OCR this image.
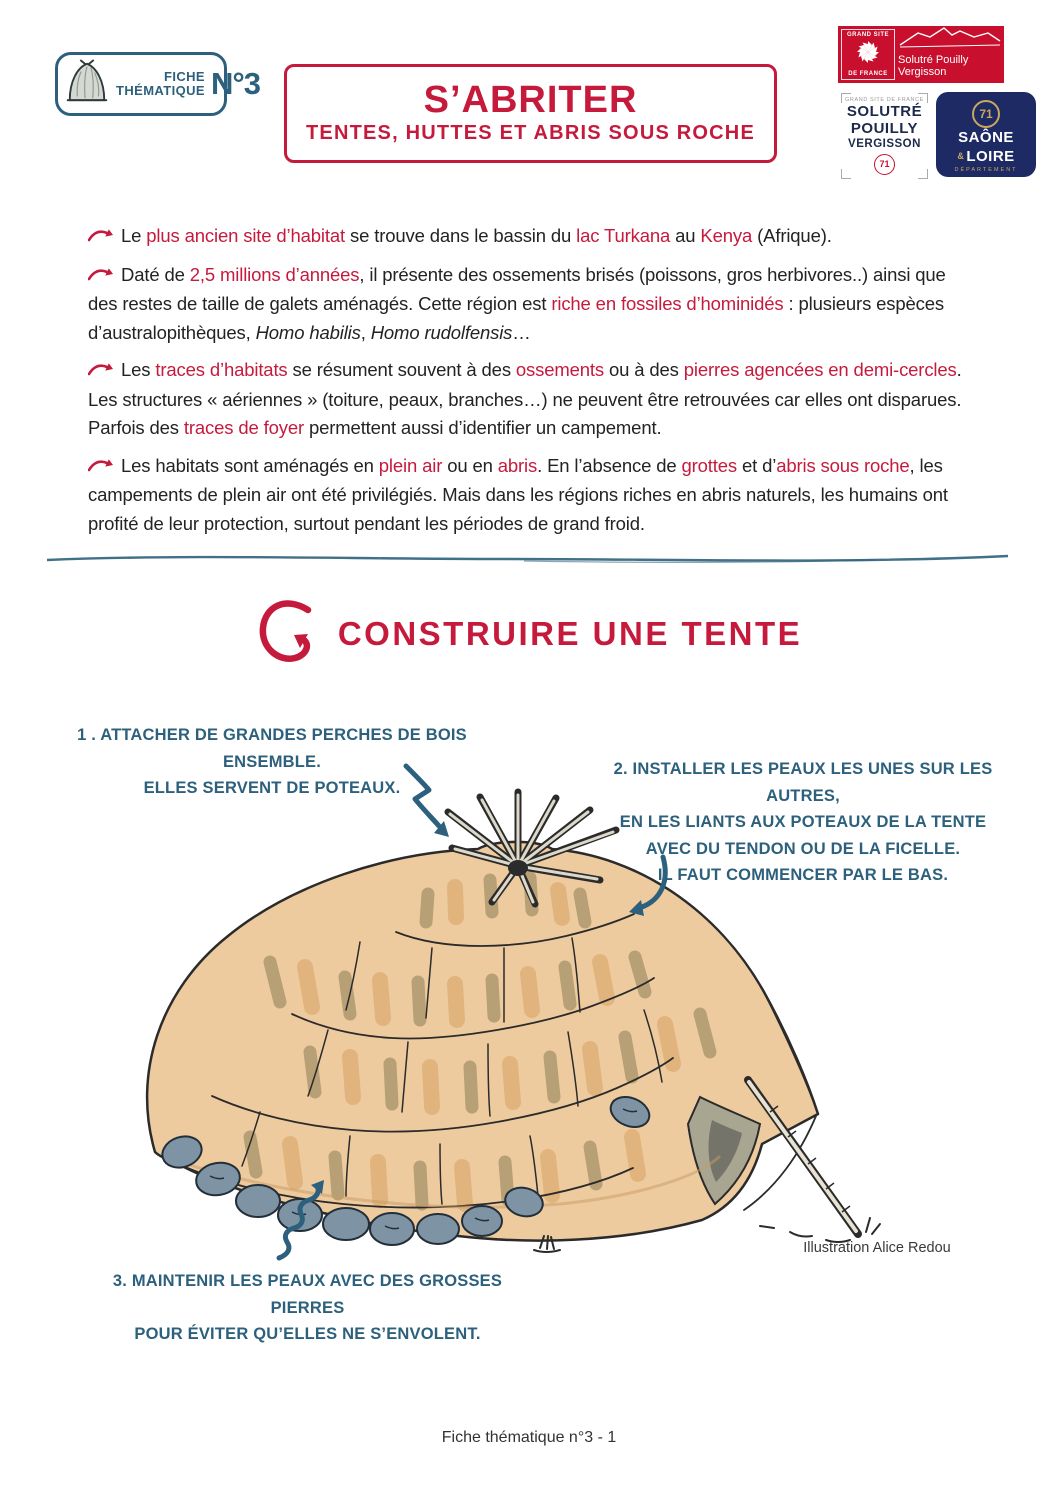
FICHE
THÉMATIQUE N°3	S’ABRITER
TENTES, HUTTES ET ABRIS SOUS ROCHE
GRAND SITE
DE FRANCE
Solutré Pouilly Vergisson
GRAND SITE DE FRANCE
SOLUTRÉ
POUILLY
VERGISSON
71
71
SAÔNE
& LOIRE
DÉPARTEMENT

Le plus ancien site d’habitat se trouve dans le bassin du lac Turkana au Kenya (Afrique).

Daté de 2,5 millions d’années, il présente des ossements brisés (poissons, gros herbivores..) ainsi que des restes de taille de galets aménagés. Cette région est riche en fossiles d’hominidés : plusieurs espèces d’australopithèques, Homo habilis, Homo rudolfensis…

Les traces d’habitats se résument souvent à des ossements ou à des pierres agencées en demi-cercles. Les structures « aériennes » (toiture, peaux, branches…) ne peuvent être retrouvées car elles ont disparues. Parfois des traces de foyer permettent aussi d’identifier un campement.

Les habitats sont aménagés en plein air ou en abris. En l’absence de grottes et d’abris sous roche, les campements de plein air ont été privilégiés. Mais dans les régions riches en abris naturels, les humains ont profité de leur protection, surtout pendant les périodes de grand froid.

CONSTRUIRE UNE TENTE
1 . ATTACHER DE GRANDES PERCHES DE BOIS ENSEMBLE.
ELLES SERVENT DE POTEAUX.
2. INSTALLER LES PEAUX LES UNES SUR LES AUTRES,
EN LES LIANTS AUX POTEAUX DE LA TENTE
AVEC DU TENDON OU DE LA FICELLE.
IL FAUT COMMENCER PAR LE BAS.
3. MAINTENIR LES PEAUX AVEC DES GROSSES PIERRES
POUR ÉVITER QU’ELLES NE S’ENVOLENT.
Illustration Alice Redou
Fiche thématique n°3 - 1
